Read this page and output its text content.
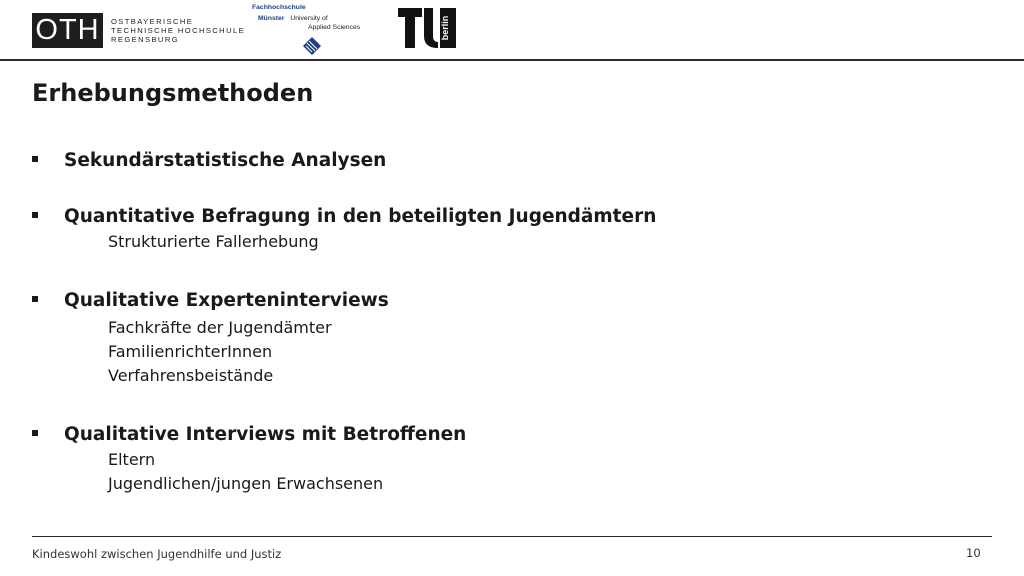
OTH	OSTBAYERISCHE
TECHNISCHE HOCHSCHULE
REGENSBURG
Fachhochschule
Münster University of
Applied Sciences	berlin
Erhebungsmethoden
Sekundärstatistische Analysen
Quantitative Befragung in den beteiligten Jugendämtern
Strukturierte Fallerhebung
Qualitative Experteninterviews
Fachkräfte der Jugendämter
FamilienrichterInnen
Verfahrensbeistände
Qualitative Interviews mit Betroffenen
Eltern
Jugendlichen/jungen Erwachsenen
Kindeswohl zwischen Jugendhilfe und Justiz	10
